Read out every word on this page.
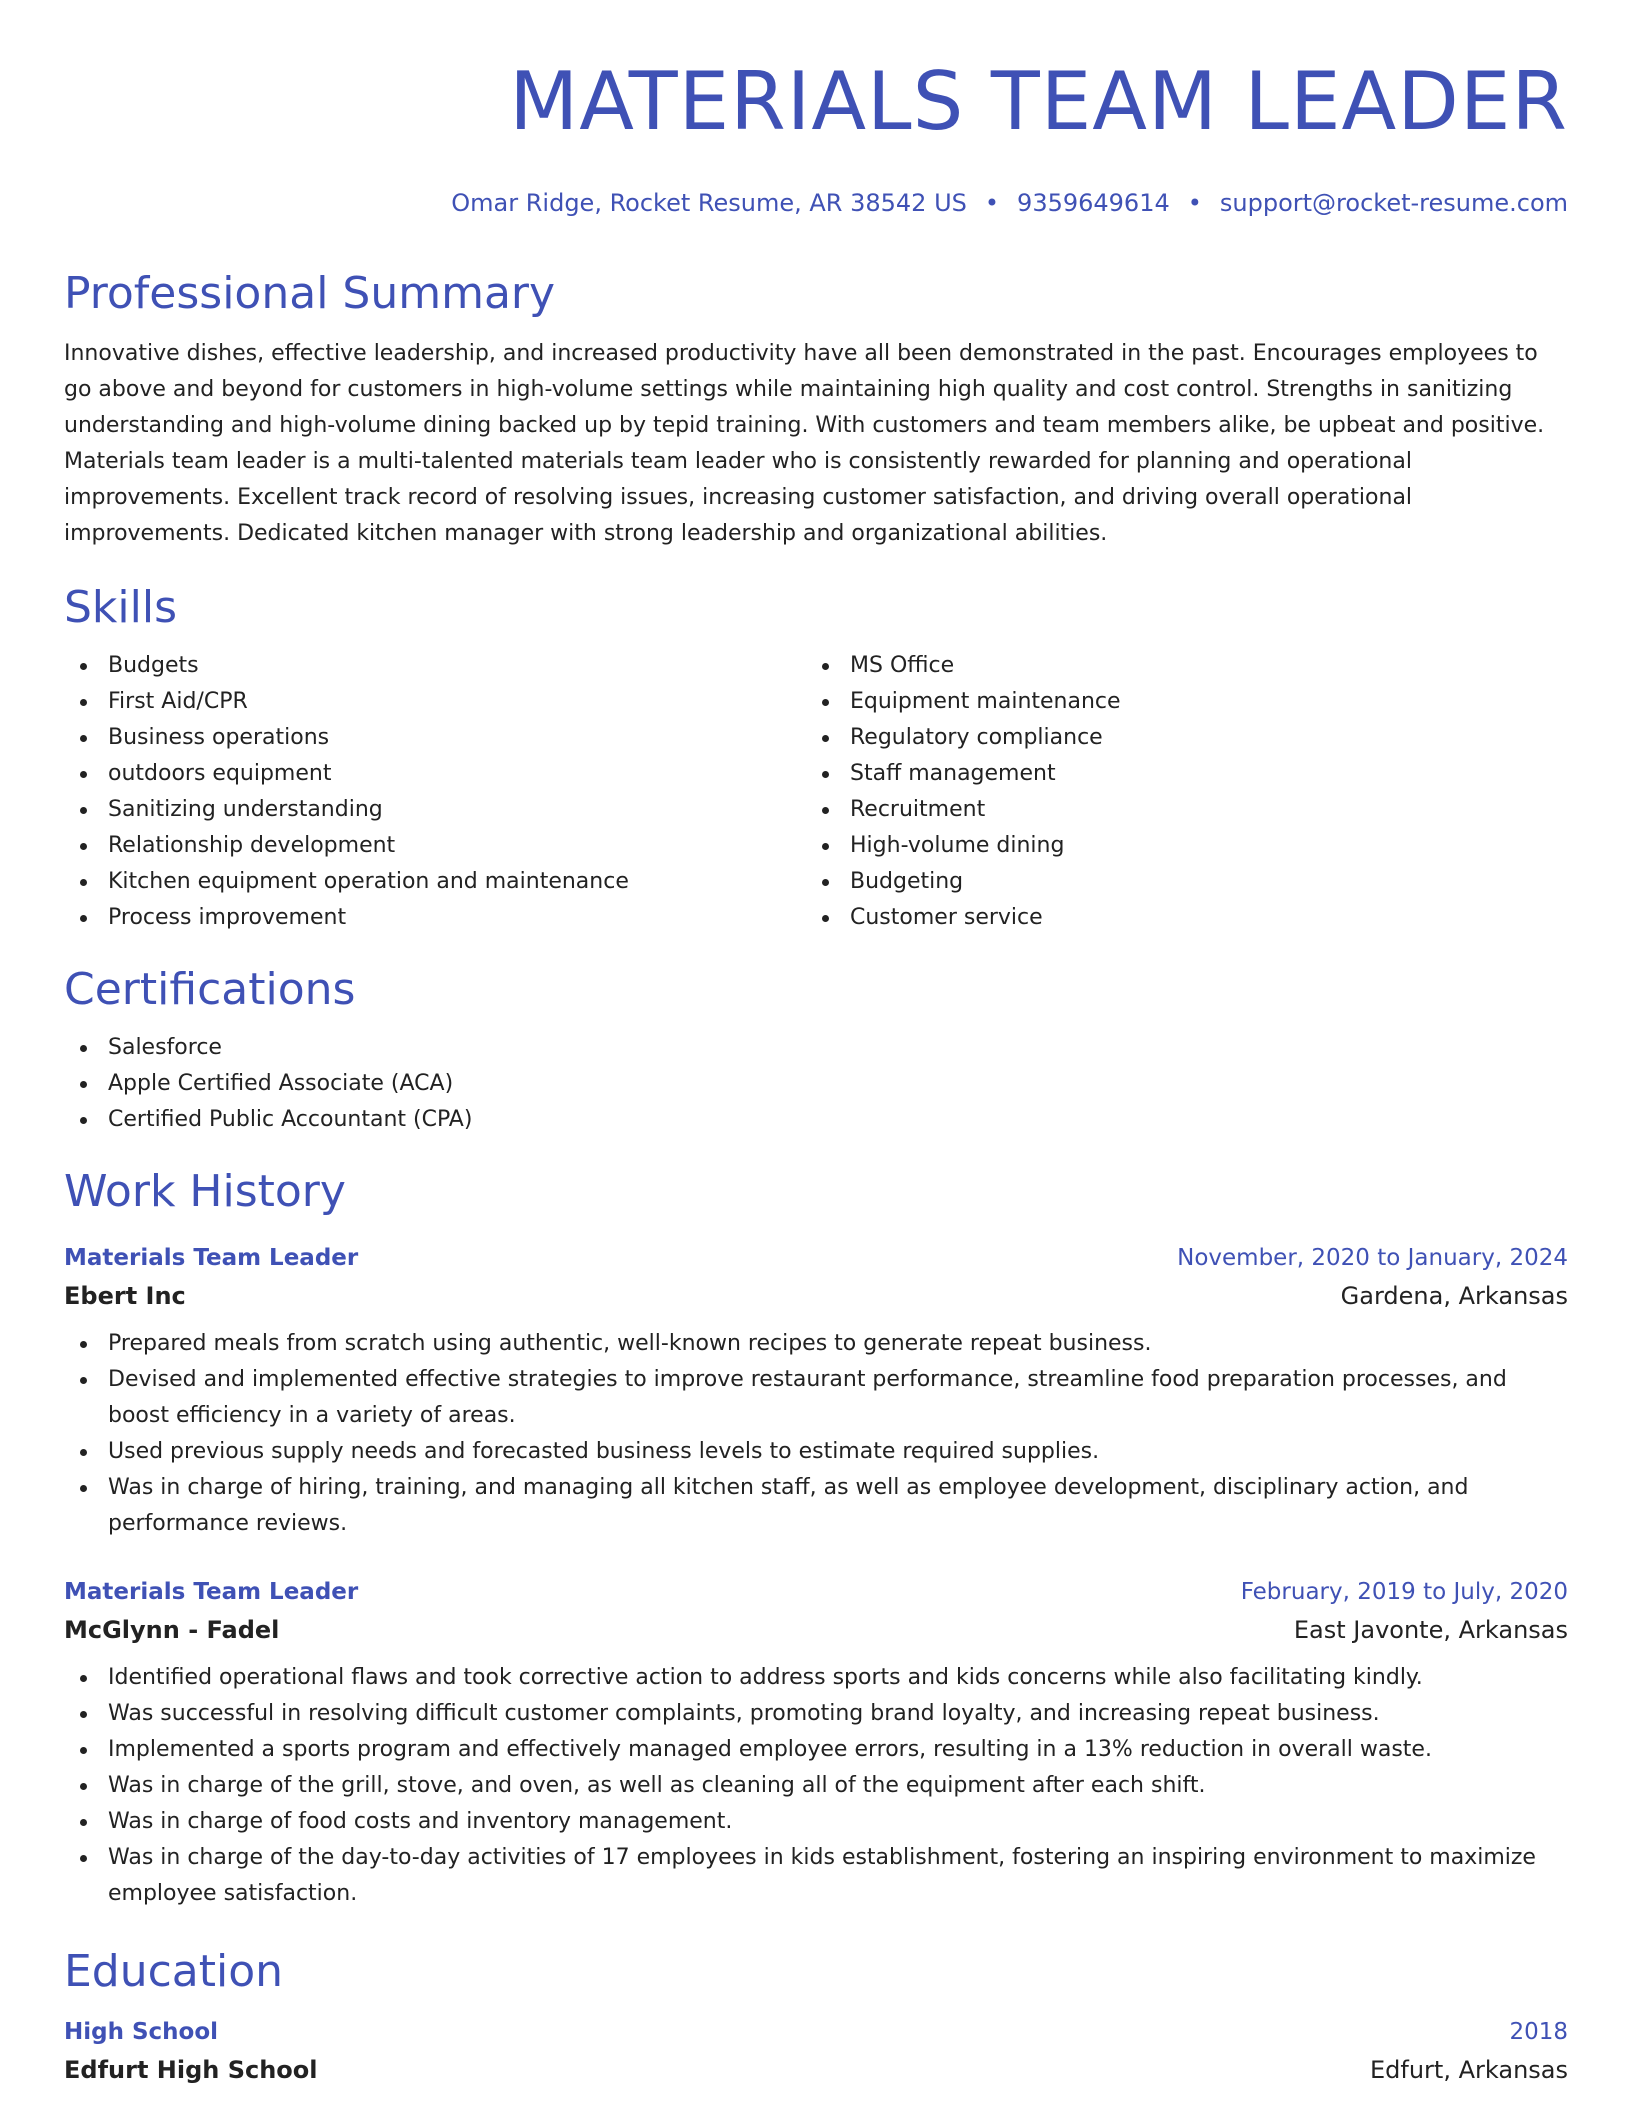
MATERIALS TEAM LEADER
Omar Ridge, Rocket Resume, AR 38542 US • 9359649614 • support@rocket-resume.com
Professional Summary
Innovative dishes, effective leadership, and increased productivity have all been demonstrated in the past. Encourages employees to go above and beyond for customers in high-volume settings while maintaining high quality and cost control. Strengths in sanitizing understanding and high-volume dining backed up by tepid training. With customers and team members alike, be upbeat and positive. Materials team leader is a multi-talented materials team leader who is consistently rewarded for planning and operational improvements. Excellent track record of resolving issues, increasing customer satisfaction, and driving overall operational improvements. Dedicated kitchen manager with strong leadership and organizational abilities.
Skills
Budgets
First Aid/CPR
Business operations
outdoors equipment
Sanitizing understanding
Relationship development
Kitchen equipment operation and maintenance
Process improvement
MS Office
Equipment maintenance
Regulatory compliance
Staff management
Recruitment
High-volume dining
Budgeting
Customer service
Certifications
Salesforce
Apple Certified Associate (ACA)
Certified Public Accountant (CPA)
Work History
Materials Team Leader	November, 2020 to January, 2024
Ebert Inc	Gardena, Arkansas
Prepared meals from scratch using authentic, well-known recipes to generate repeat business.
Devised and implemented effective strategies to improve restaurant performance, streamline food preparation processes, and boost efficiency in a variety of areas.
Used previous supply needs and forecasted business levels to estimate required supplies.
Was in charge of hiring, training, and managing all kitchen staff, as well as employee development, disciplinary action, and performance reviews.
Materials Team Leader	February, 2019 to July, 2020
McGlynn - Fadel	East Javonte, Arkansas
Identified operational flaws and took corrective action to address sports and kids concerns while also facilitating kindly.
Was successful in resolving difficult customer complaints, promoting brand loyalty, and increasing repeat business.
Implemented a sports program and effectively managed employee errors, resulting in a 13% reduction in overall waste.
Was in charge of the grill, stove, and oven, as well as cleaning all of the equipment after each shift.
Was in charge of food costs and inventory management.
Was in charge of the day-to-day activities of 17 employees in kids establishment, fostering an inspiring environment to maximize employee satisfaction.
Education
High School	2018
Edfurt High School	Edfurt, Arkansas
